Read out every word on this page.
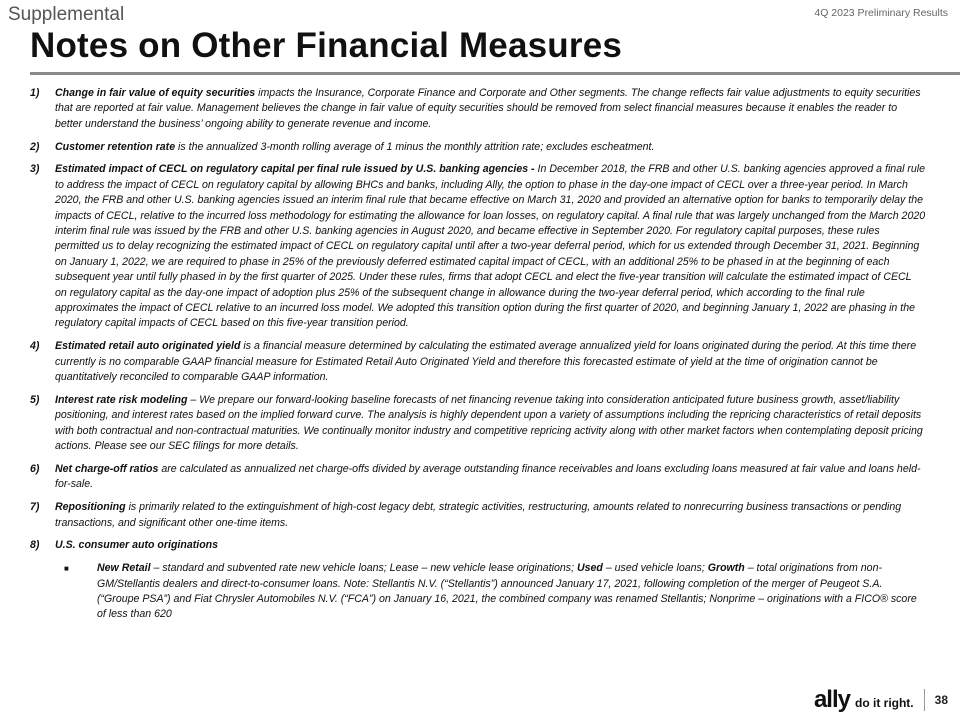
Supplemental	4Q 2023 Preliminary Results
Notes on Other Financial Measures
1)	Change in fair value of equity securities impacts the Insurance, Corporate Finance and Corporate and Other segments. The change reflects fair value adjustments to equity securities that are reported at fair value. Management believes the change in fair value of equity securities should be removed from select financial measures because it enables the reader to better understand the business’ ongoing ability to generate revenue and income.
2)	Customer retention rate is the annualized 3-month rolling average of 1 minus the monthly attrition rate; excludes escheatment.
3)	Estimated impact of CECL on regulatory capital per final rule issued by U.S. banking agencies - In December 2018, the FRB and other U.S. banking agencies approved a final rule to address the impact of CECL on regulatory capital by allowing BHCs and banks, including Ally, the option to phase in the day-one impact of CECL over a three-year period. In March 2020, the FRB and other U.S. banking agencies issued an interim final rule that became effective on March 31, 2020 and provided an alternative option for banks to temporarily delay the impacts of CECL, relative to the incurred loss methodology for estimating the allowance for loan losses, on regulatory capital. A final rule that was largely unchanged from the March 2020 interim final rule was issued by the FRB and other U.S. banking agencies in August 2020, and became effective in September 2020. For regulatory capital purposes, these rules permitted us to delay recognizing the estimated impact of CECL on regulatory capital until after a two-year deferral period, which for us extended through December 31, 2021. Beginning on January 1, 2022, we are required to phase in 25% of the previously deferred estimated capital impact of CECL, with an additional 25% to be phased in at the beginning of each subsequent year until fully phased in by the first quarter of 2025. Under these rules, firms that adopt CECL and elect the five-year transition will calculate the estimated impact of CECL on regulatory capital as the day-one impact of adoption plus 25% of the subsequent change in allowance during the two-year deferral period, which according to the final rule approximates the impact of CECL relative to an incurred loss model. We adopted this transition option during the first quarter of 2020, and beginning January 1, 2022 are phasing in the regulatory capital impacts of CECL based on this five-year transition period.
4)	Estimated retail auto originated yield is a financial measure determined by calculating the estimated average annualized yield for loans originated during the period. At this time there currently is no comparable GAAP financial measure for Estimated Retail Auto Originated Yield and therefore this forecasted estimate of yield at the time of origination cannot be quantitatively reconciled to comparable GAAP information.
5)	Interest rate risk modeling – We prepare our forward-looking baseline forecasts of net financing revenue taking into consideration anticipated future business growth, asset/liability positioning, and interest rates based on the implied forward curve. The analysis is highly dependent upon a variety of assumptions including the repricing characteristics of retail deposits with both contractual and non-contractual maturities. We continually monitor industry and competitive repricing activity along with other market factors when contemplating deposit pricing actions. Please see our SEC filings for more details.
6)	Net charge-off ratios are calculated as annualized net charge-offs divided by average outstanding finance receivables and loans excluding loans measured at fair value and loans held-for-sale.
7)	Repositioning is primarily related to the extinguishment of high-cost legacy debt, strategic activities, restructuring, amounts related to nonrecurring business transactions or pending transactions, and significant other one-time items.
8)	U.S. consumer auto originations
■	New Retail – standard and subvented rate new vehicle loans; Lease – new vehicle lease originations; Used – used vehicle loans; Growth – total originations from non-GM/Stellantis dealers and direct-to-consumer loans. Note: Stellantis N.V. (“Stellantis”) announced January 17, 2021, following completion of the merger of Peugeot S.A. (“Groupe PSA”) and Fiat Chrysler Automobiles N.V. (“FCA”) on January 16, 2021, the combined company was renamed Stellantis; Nonprime – originations with a FICO® score of less than 620
ally do it right. 38
